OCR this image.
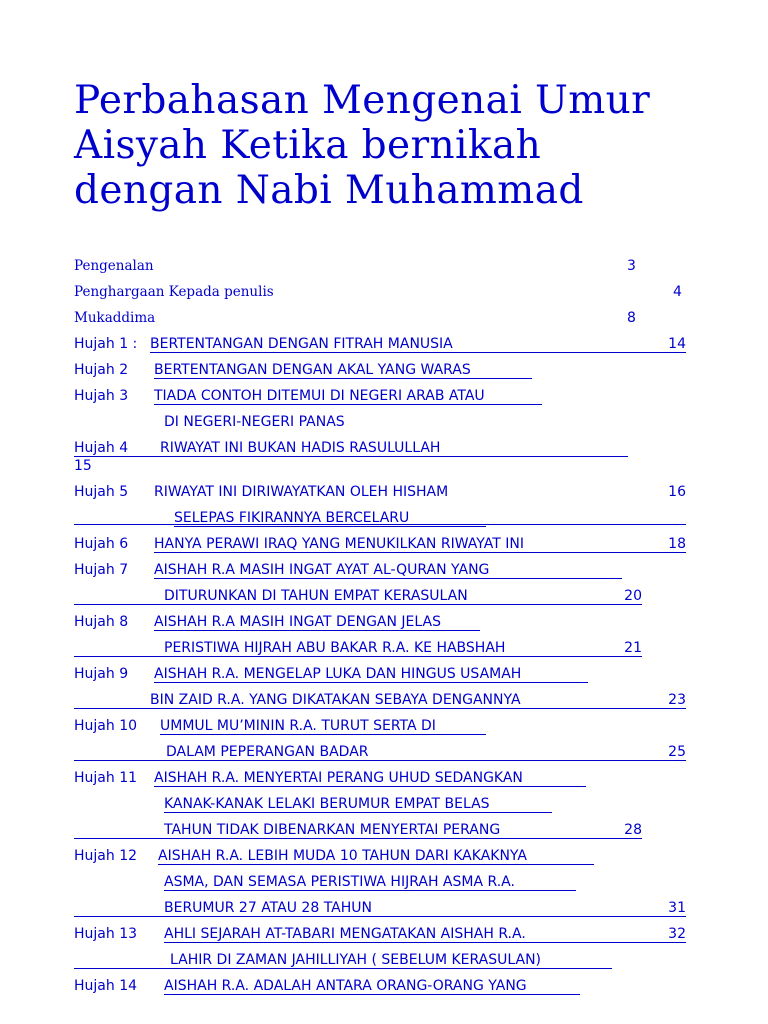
Perbahasan Mengenai Umur
Aisyah Ketika bernikah
dengan Nabi Muhammad
Pengenalan	3
Penghargaan Kepada penulis	4
Mukaddima	8
Hujah 1 : BERTENTANGAN DENGAN FITRAH MANUSIA	14
Hujah 2 BERTENTANGAN DENGAN AKAL YANG WARAS
Hujah 3 TIADA CONTOH DITEMUI DI NEGERI ARAB ATAU
DI NEGERI-NEGERI PANAS
Hujah 4 RIWAYAT INI BUKAN HADIS RASULULLAH
15
Hujah 5 RIWAYAT INI DIRIWAYATKAN OLEH HISHAM	16
SELEPAS FIKIRANNYA BERCELARU
Hujah 6 HANYA PERAWI IRAQ YANG MENUKILKAN RIWAYAT INI	18
Hujah 7 AISHAH R.A MASIH INGAT AYAT AL-QURAN YANG
DITURUNKAN DI TAHUN EMPAT KERASULAN	20

Hujah 8 AISHAH R.A MASIH INGAT DENGAN JELAS
PERISTIWA HIJRAH ABU BAKAR R.A. KE HABSHAH	21

Hujah 9 AISHAH R.A. MENGELAP LUKA DAN HINGUS USAMAH
BIN ZAID R.A. YANG DIKATAKAN SEBAYA DENGANNYA	23

Hujah 10 UMMUL MU’MININ R.A. TURUT SERTA DI
DALAM PEPERANGAN BADAR	25

Hujah 11 AISHAH R.A. MENYERTAI PERANG UHUD SEDANGKAN
KANAK-KANAK LELAKI BERUMUR EMPAT BELAS
TAHUN TIDAK DIBENARKAN MENYERTAI PERANG	28

Hujah 12 AISHAH R.A. LEBIH MUDA 10 TAHUN DARI KAKAKNYA
ASMA, DAN SEMASA PERISTIWA HIJRAH ASMA R.A.
BERUMUR 27 ATAU 28 TAHUN	31

Hujah 13 AHLI SEJARAH AT-TABARI MENGATAKAN AISHAH R.A.	32
LAHIR DI ZAMAN JAHILLIYAH ( SEBELUM KERASULAN)

Hujah 14 AISHAH R.A. ADALAH ANTARA ORANG-ORANG YANG
